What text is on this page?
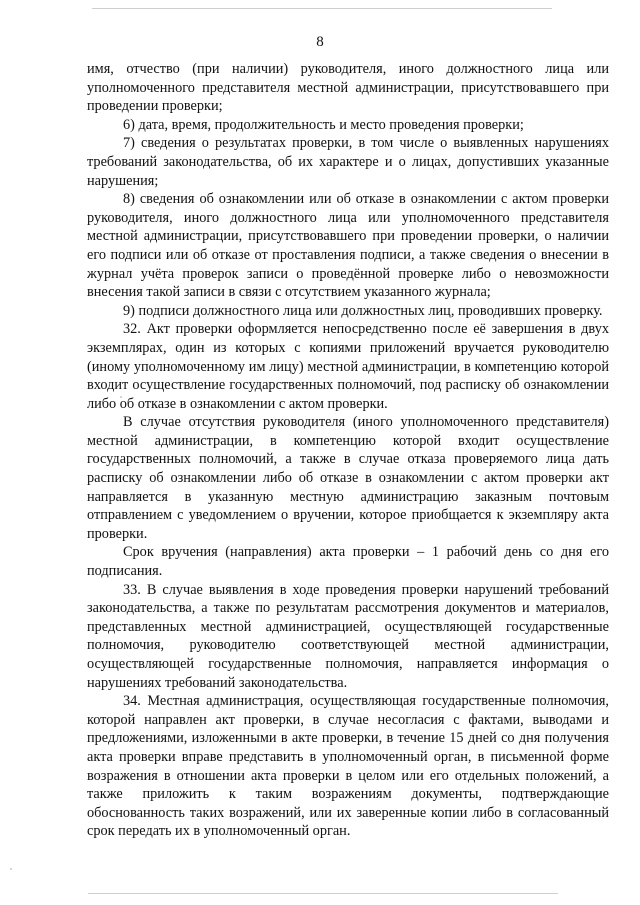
8

имя, отчество (при наличии) руководителя, иного должностного лица или уполномоченного представителя местной администрации, присутствовавшего при проведении проверки;

6) дата, время, продолжительность и место проведения проверки;

7) сведения о результатах проверки, в том числе о выявленных нарушениях требований законодательства, об их характере и о лицах, допустивших указанные нарушения;

8) сведения об ознакомлении или об отказе в ознакомлении с актом проверки руководителя, иного должностного лица или уполномоченного представителя местной администрации, присутствовавшего при проведении проверки, о наличии его подписи или об отказе от проставления подписи, а также сведения о внесении в журнал учёта проверок записи о проведённой проверке либо о невозможности внесения такой записи в связи с отсутствием указанного журнала;

9) подписи должностного лица или должностных лиц, проводивших проверку.

32. Акт проверки оформляется непосредственно после её завершения в двух экземплярах, один из которых с копиями приложений вручается руководителю (иному уполномоченному им лицу) местной администрации, в компетенцию которой входит осуществление государственных полномочий, под расписку об ознакомлении либо об отказе в ознакомлении с актом проверки.

В случае отсутствия руководителя (иного уполномоченного представителя) местной администрации, в компетенцию которой входит осуществление государственных полномочий, а также в случае отказа проверяемого лица дать расписку об ознакомлении либо об отказе в ознакомлении с актом проверки акт направляется в указанную местную администрацию заказным почтовым отправлением с уведомлением о вручении, которое приобщается к экземпляру акта проверки.

Срок вручения (направления) акта проверки – 1 рабочий день со дня его подписания.

33. В случае выявления в ходе проведения проверки нарушений требований законодательства, а также по результатам рассмотрения документов и материалов, представленных местной администрацией, осуществляющей государственные полномочия, руководителю соответствующей местной администрации, осуществляющей государственные полномочия, направляется информация о нарушениях требований законодательства.

34. Местная администрация, осуществляющая государственные полномочия, которой направлен акт проверки, в случае несогласия с фактами, выводами и предложениями, изложенными в акте проверки, в течение 15 дней со дня получения акта проверки вправе представить в уполномоченный орган, в письменной форме возражения в отношении акта проверки в целом или его отдельных положений, а также приложить к таким возражениям документы, подтверждающие обоснованность таких возражений, или их заверенные копии либо в согласованный срок передать их в уполномоченный орган.
